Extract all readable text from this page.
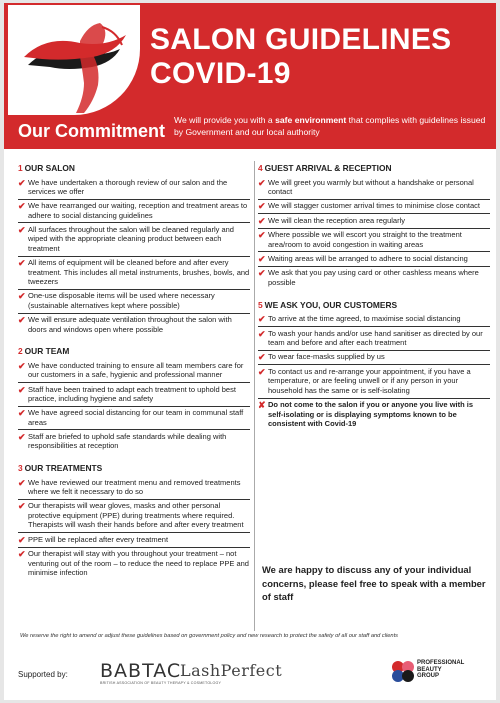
SALON GUIDELINES
COVID-19
Our Commitment
We will provide you with a safe environment that complies with guidelines issued by Government and our local authority
1 OUR SALON
✔ We have undertaken a thorough review of our salon and the services we offer
✔ We have rearranged our waiting, reception and treatment areas to adhere to social distancing guidelines
✔ All surfaces throughout the salon will be cleaned regularly and wiped with the appropriate cleaning product between each treatment
✔ All items of equipment will be cleaned before and after every treatment. This includes all metal instruments, brushes, bowls, and tweezers
✔ One-use disposable items will be used where necessary (sustainable alternatives kept where possible)
✔ We will ensure adequate ventilation throughout the salon with doors and windows open where possible
2 OUR TEAM
✔ We have conducted training to ensure all team members care for our customers in a safe, hygienic and professional manner
✔ Staff have been trained to adapt each treatment to uphold best practice, including hygiene and safety
✔ We have agreed social distancing for our team in communal staff areas
✔ Staff are briefed to uphold safe standards while dealing with responsibilities at reception
3 OUR TREATMENTS
✔ We have reviewed our treatment menu and removed treatments where we felt it necessary to do so
✔ Our therapists will wear gloves, masks and other personal protective equipment (PPE) during treatments where required. Therapists will wash their hands before and after every treatment
✔ PPE will be replaced after every treatment
✔ Our therapist will stay with you throughout your treatment – not venturing out of the room – to reduce the need to replace PPE and minimise infection
4 GUEST ARRIVAL & RECEPTION
✔ We will greet you warmly but without a handshake or personal contact
✔ We will stagger customer arrival times to minimise close contact
✔ We will clean the reception area regularly
✔ Where possible we will escort you straight to the treatment area/room to avoid congestion in waiting areas
✔ Waiting areas will be arranged to adhere to social distancing
✔ We ask that you pay using card or other cashless means where possible
5 WE ASK YOU, OUR CUSTOMERS
✔ To arrive at the time agreed, to maximise social distancing
✔ To wash your hands and/or use hand sanitiser as directed by our team and before and after each treatment
✔ To wear face-masks supplied by us
✔ To contact us and re-arrange your appointment, if you have a temperature, or are feeling unwell or if any person in your household has the same or is self-isolating
✘ Do not come to the salon if you or anyone you live with is self-isolating or is displaying symptoms known to be consistent with Covid-19
We are happy to discuss any of your individual concerns, please feel free to speak with a member of staff
We reserve the right to amend or adjust these guidelines based on government policy and new research to protect the safety of all our staff and clients
Supported by: BABTAC
BRITISH ASSOCIATION OF BEAUTY THERAPY & COSMETOLOGY
LashPerfect	PROFESSIONAL
BEAUTY
GROUP
